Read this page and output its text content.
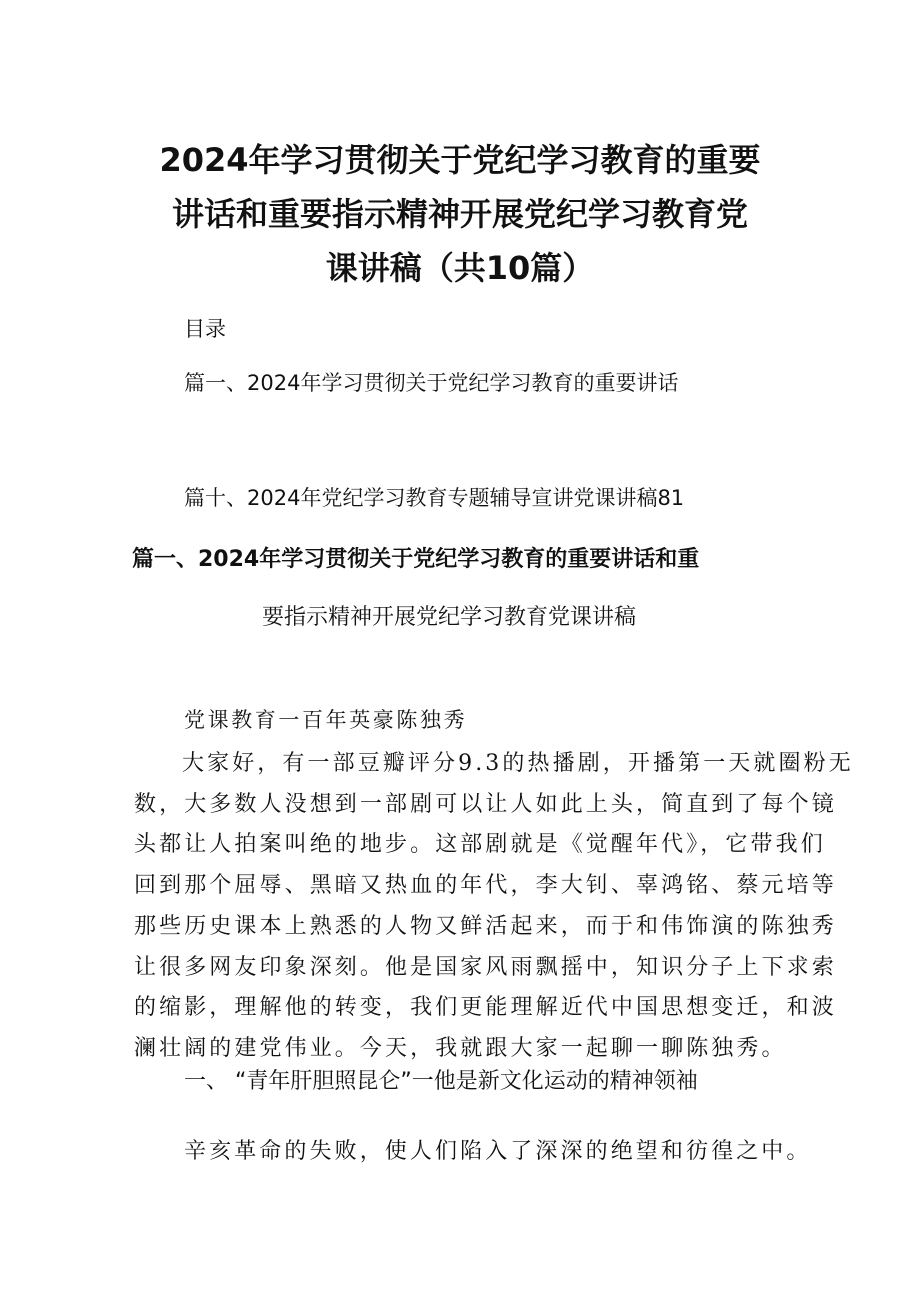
2024年学习贯彻关于党纪学习教育的重要
讲话和重要指示精神开展党纪学习教育党
课讲稿（共10篇）
目录
篇一、2024年学习贯彻关于党纪学习教育的重要讲话
篇十、2024年党纪学习教育专题辅导宣讲党课讲稿81
篇一、2024年学习贯彻关于党纪学习教育的重要讲话和重
要指示精神开展党纪学习教育党课讲稿
党课教育一百年英豪陈独秀
大家好，有一部豆瓣评分9.3的热播剧，开播第一天就圈粉无
数，大多数人没想到一部剧可以让人如此上头，简直到了每个镜
头都让人拍案叫绝的地步。这部剧就是《觉醒年代》，它带我们
回到那个屈辱、黑暗又热血的年代，李大钊、辜鸿铭、蔡元培等
那些历史课本上熟悉的人物又鲜活起来，而于和伟饰演的陈独秀
让很多网友印象深刻。他是国家风雨飘摇中，知识分子上下求索
的缩影，理解他的转变，我们更能理解近代中国思想变迁，和波
澜壮阔的建党伟业。今天，我就跟大家一起聊一聊陈独秀。
一、 “青年肝胆照昆仑”一他是新文化运动的精神领袖
辛亥革命的失败，使人们陷入了深深的绝望和彷徨之中。
